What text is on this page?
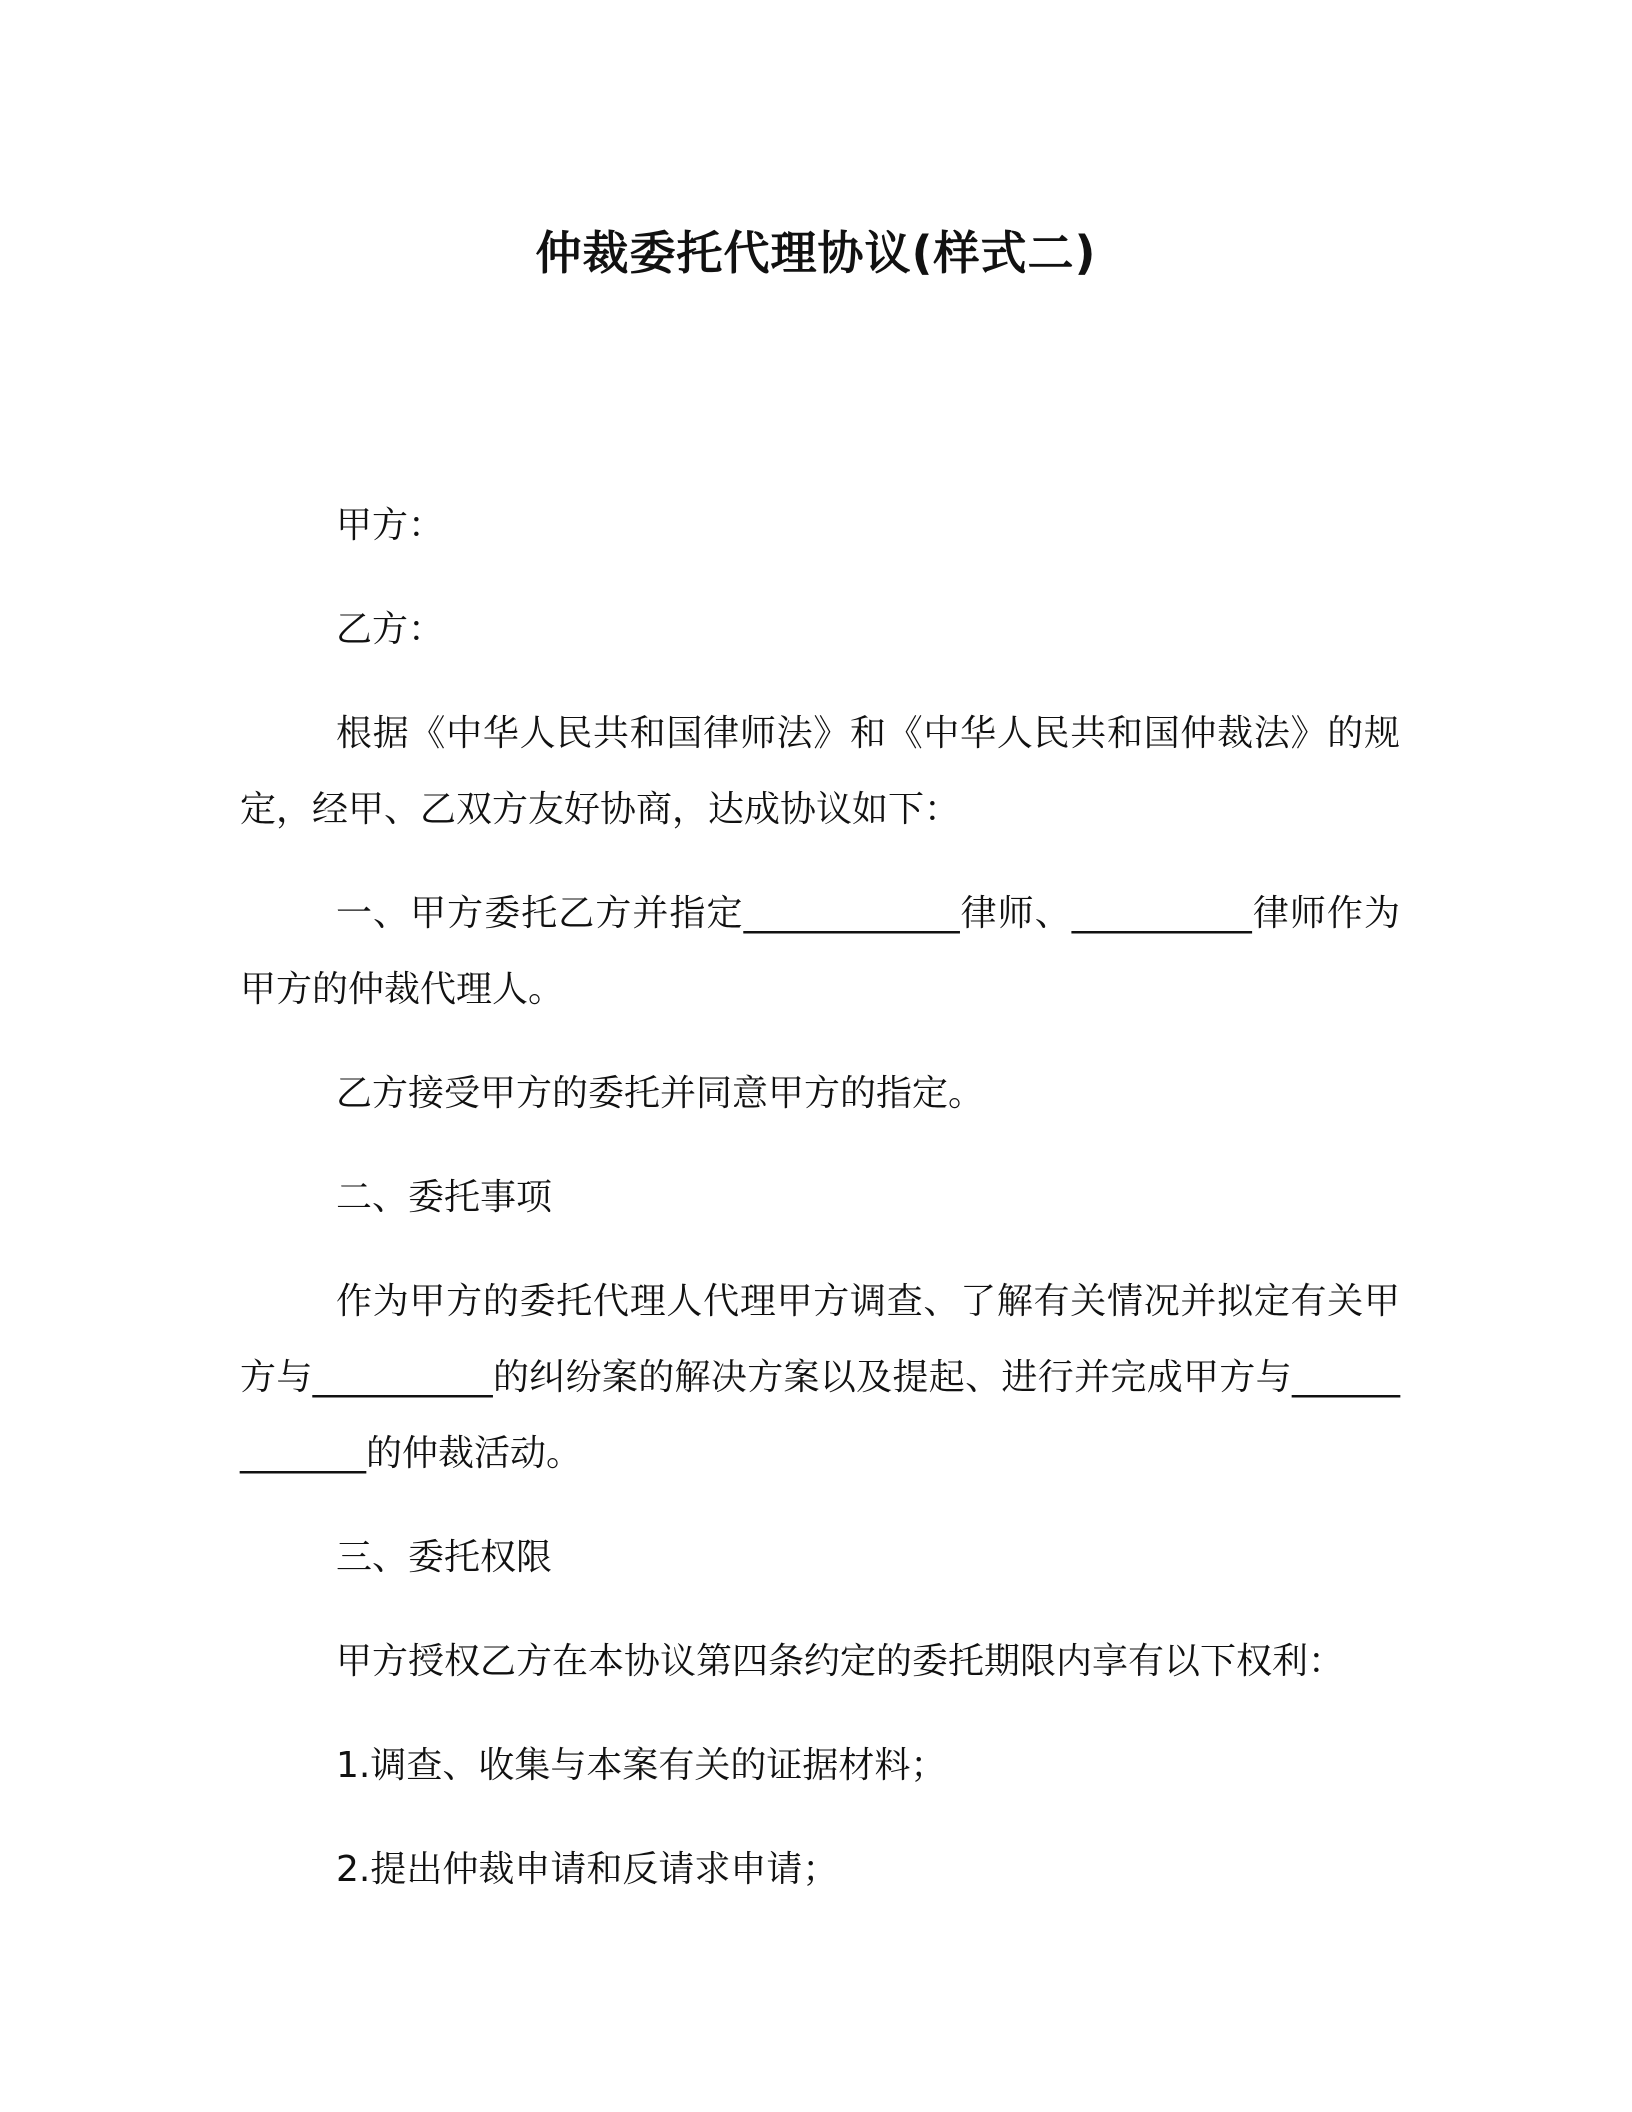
仲裁委托代理协议(样式二)

甲方：

乙方：

根据《中华人民共和国律师法》和《中华人民共和国仲裁法》的规定，经甲、乙双方友好协商，达成协议如下：

一、甲方委托乙方并指定____________律师、__________律师作为甲方的仲裁代理人。

乙方接受甲方的委托并同意甲方的指定。

二、委托事项

作为甲方的委托代理人代理甲方调查、了解有关情况并拟定有关甲方与__________的纠纷案的解决方案以及提起、进行并完成甲方与_____________的仲裁活动。

三、委托权限

甲方授权乙方在本协议第四条约定的委托期限内享有以下权利：

1.调查、收集与本案有关的证据材料；

2.提出仲裁申请和反请求申请；
